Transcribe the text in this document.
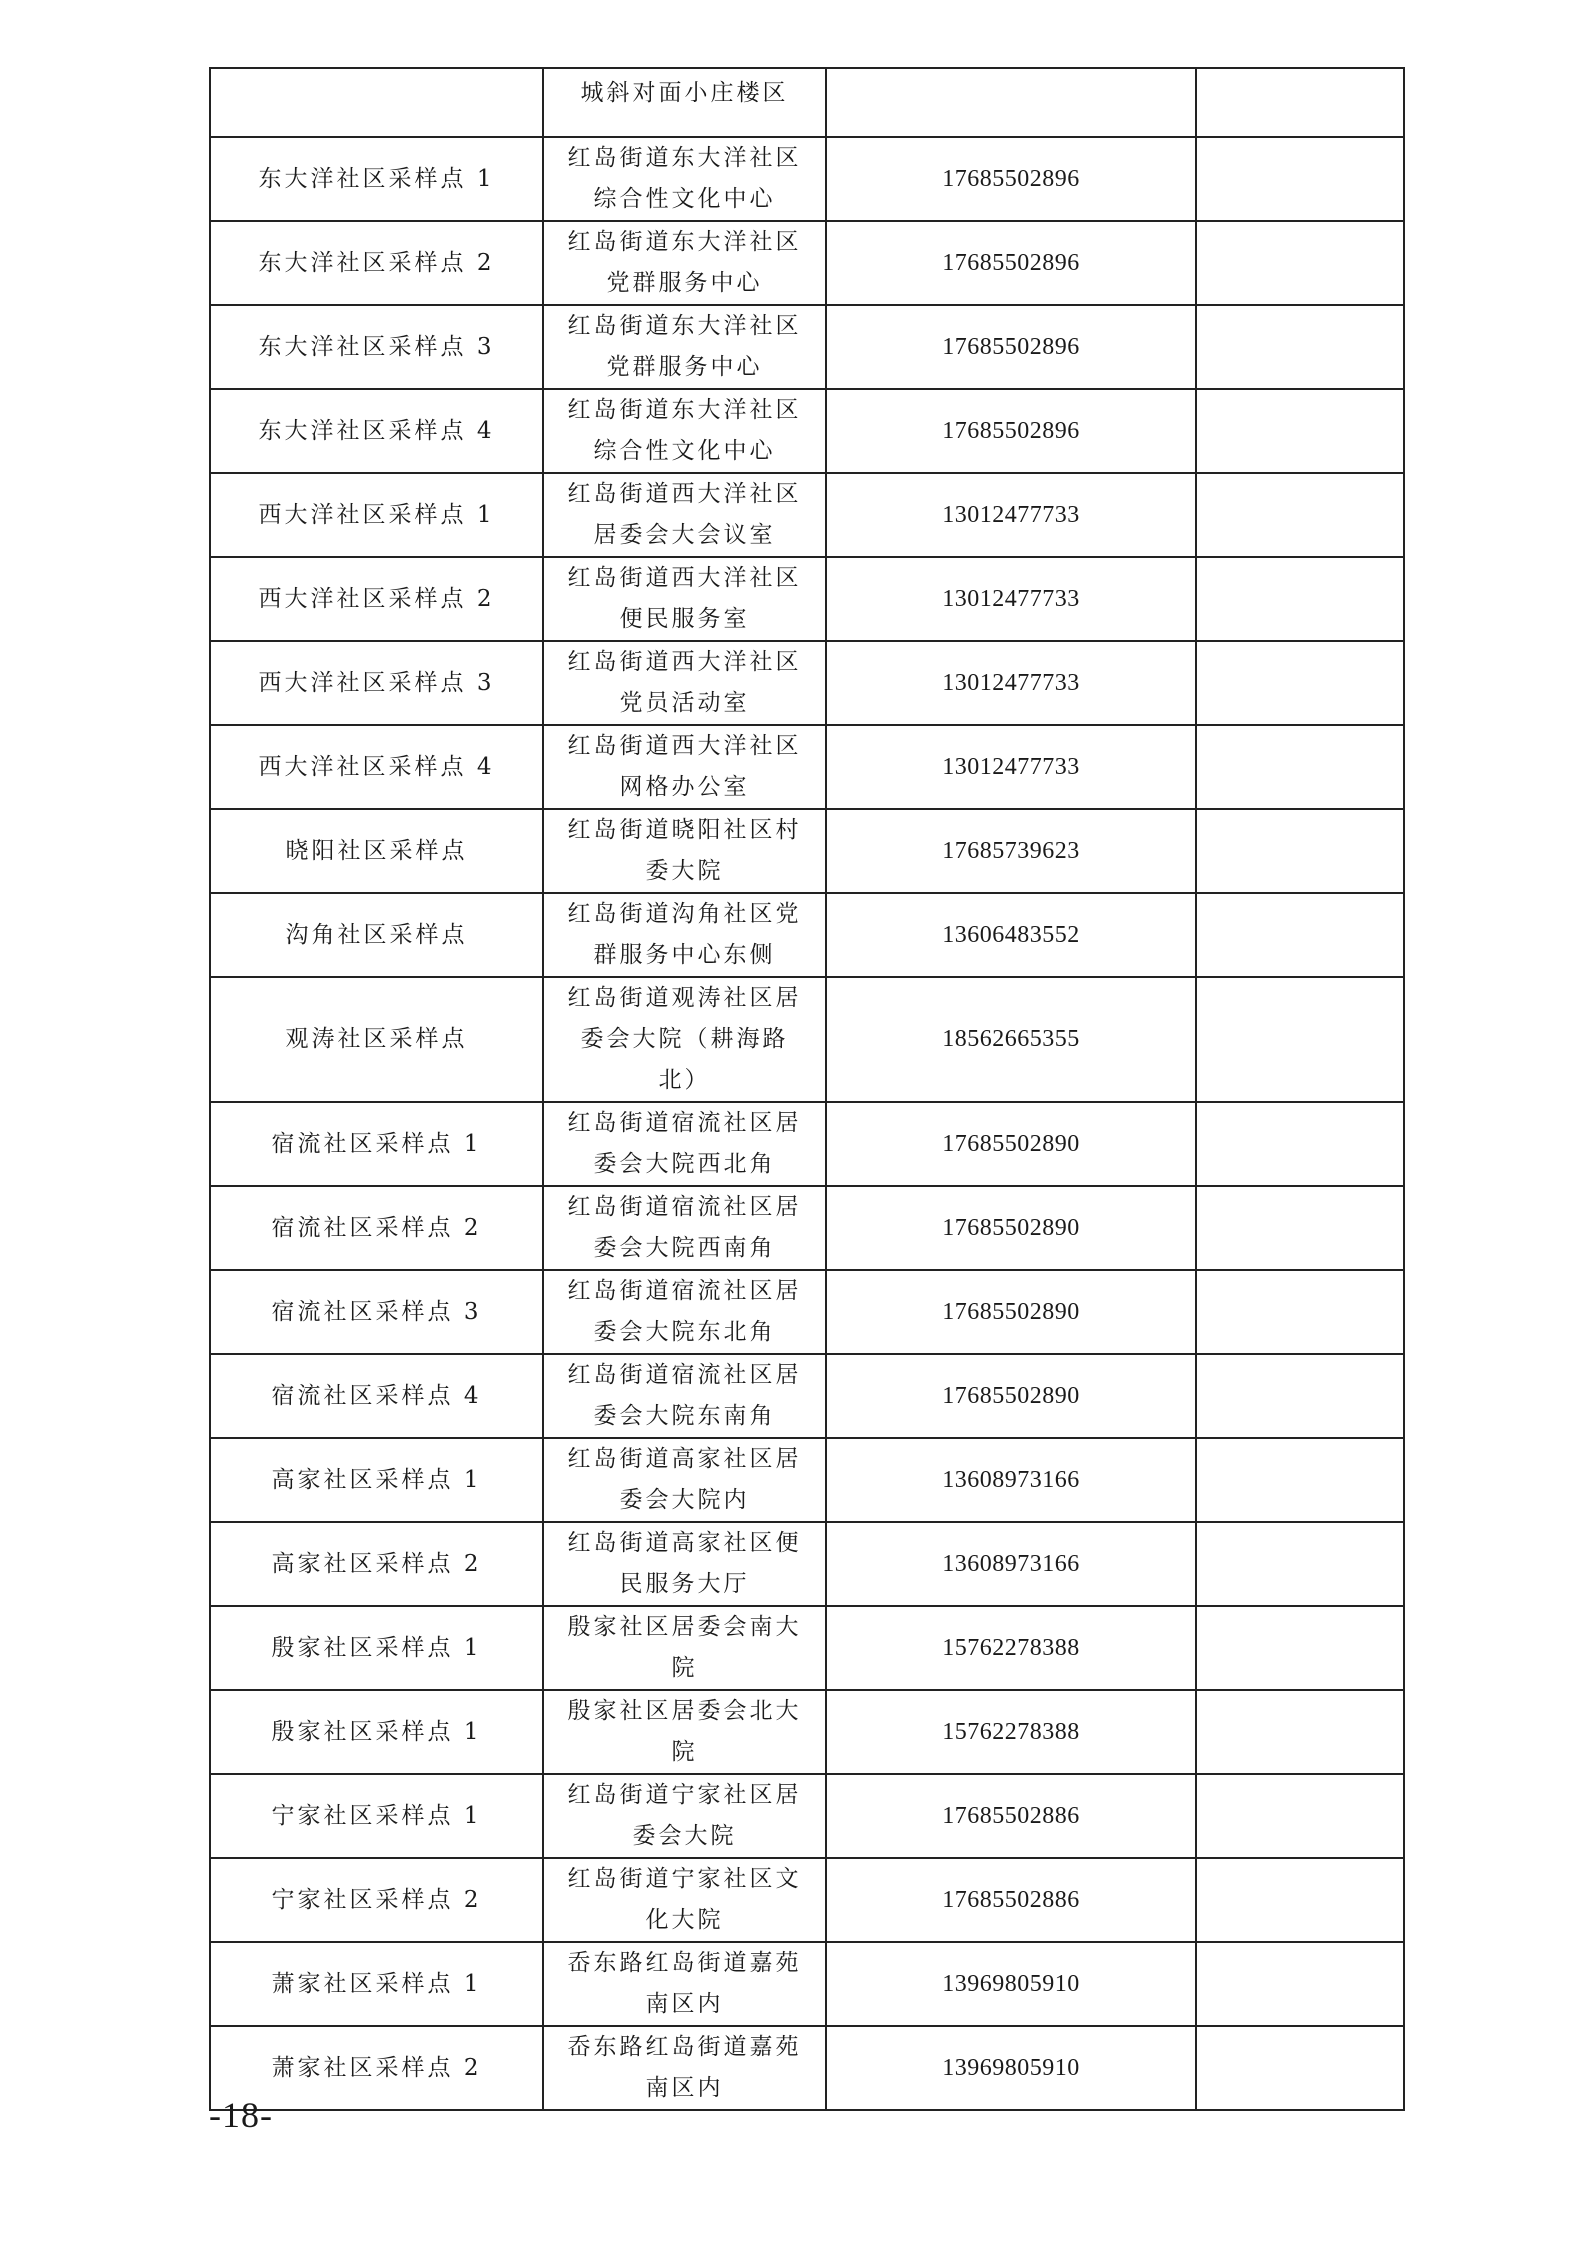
	城斜对面小庄楼区		
东大洋社区采样点 1	红岛街道东大洋社区综合性文化中心	17685502896	
东大洋社区采样点 2	红岛街道东大洋社区党群服务中心	17685502896	
东大洋社区采样点 3	红岛街道东大洋社区党群服务中心	17685502896	
东大洋社区采样点 4	红岛街道东大洋社区综合性文化中心	17685502896	
西大洋社区采样点 1	红岛街道西大洋社区居委会大会议室	13012477733	
西大洋社区采样点 2	红岛街道西大洋社区便民服务室	13012477733	
西大洋社区采样点 3	红岛街道西大洋社区党员活动室	13012477733	
西大洋社区采样点 4	红岛街道西大洋社区网格办公室	13012477733	
晓阳社区采样点	红岛街道晓阳社区村委大院	17685739623	
沟角社区采样点	红岛街道沟角社区党群服务中心东侧	13606483552	
观涛社区采样点	红岛街道观涛社区居委会大院（耕海路北）	18562665355	
宿流社区采样点 1	红岛街道宿流社区居委会大院西北角	17685502890	
宿流社区采样点 2	红岛街道宿流社区居委会大院西南角	17685502890	
宿流社区采样点 3	红岛街道宿流社区居委会大院东北角	17685502890	
宿流社区采样点 4	红岛街道宿流社区居委会大院东南角	17685502890	
高家社区采样点 1	红岛街道高家社区居委会大院内	13608973166	
高家社区采样点 2	红岛街道高家社区便民服务大厅	13608973166	
殷家社区采样点 1	殷家社区居委会南大院	15762278388	
殷家社区采样点 1	殷家社区居委会北大院	15762278388	
宁家社区采样点 1	红岛街道宁家社区居委会大院	17685502886	
宁家社区采样点 2	红岛街道宁家社区文化大院	17685502886	
萧家社区采样点 1	岙东路红岛街道嘉苑南区内	13969805910	
萧家社区采样点 2	岙东路红岛街道嘉苑南区内	13969805910	
-18-
